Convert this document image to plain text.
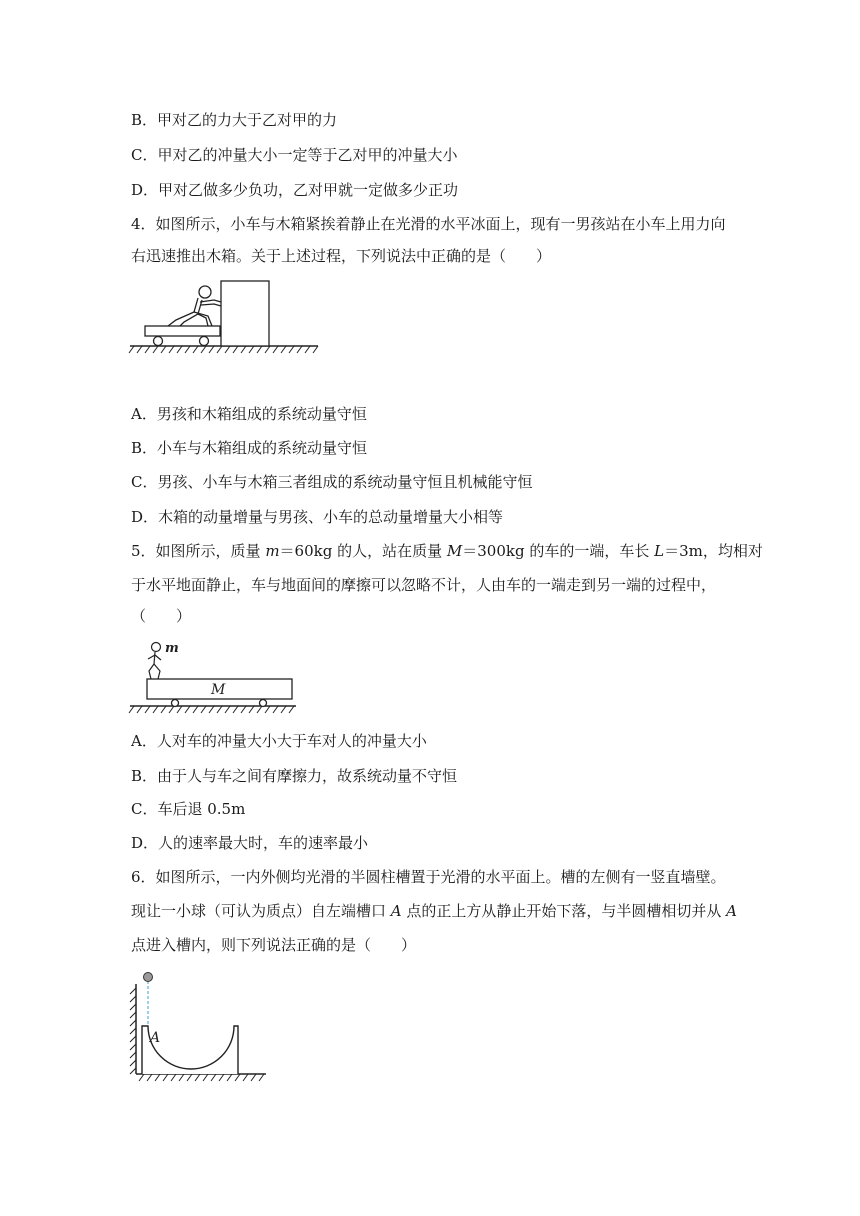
B．甲对乙的力大于乙对甲的力
C．甲对乙的冲量大小一定等于乙对甲的冲量大小
D．甲对乙做多少负功，乙对甲就一定做多少正功
4．如图所示，小车与木箱紧挨着静止在光滑的水平冰面上，现有一男孩站在小车上用力向
右迅速推出木箱。关于上述过程，下列说法中正确的是（　　）
A．男孩和木箱组成的系统动量守恒
B．小车与木箱组成的系统动量守恒
C．男孩、小车与木箱三者组成的系统动量守恒且机械能守恒
D．木箱的动量增量与男孩、小车的总动量增量大小相等
5．如图所示，质量 m＝60kg 的人，站在质量 M＝300kg 的车的一端，车长 L＝3m，均相对
于水平地面静止，车与地面间的摩擦可以忽略不计，人由车的一端走到另一端的过程中，
（　　）
m
M
A．人对车的冲量大小大于车对人的冲量大小
B．由于人与车之间有摩擦力，故系统动量不守恒
C．车后退 0.5m
D．人的速率最大时，车的速率最小
6．如图所示，一内外侧均光滑的半圆柱槽置于光滑的水平面上。槽的左侧有一竖直墙壁。
现让一小球（可认为质点）自左端槽口 A 点的正上方从静止开始下落，与半圆槽相切并从 A
点进入槽内，则下列说法正确的是（　　）
A
